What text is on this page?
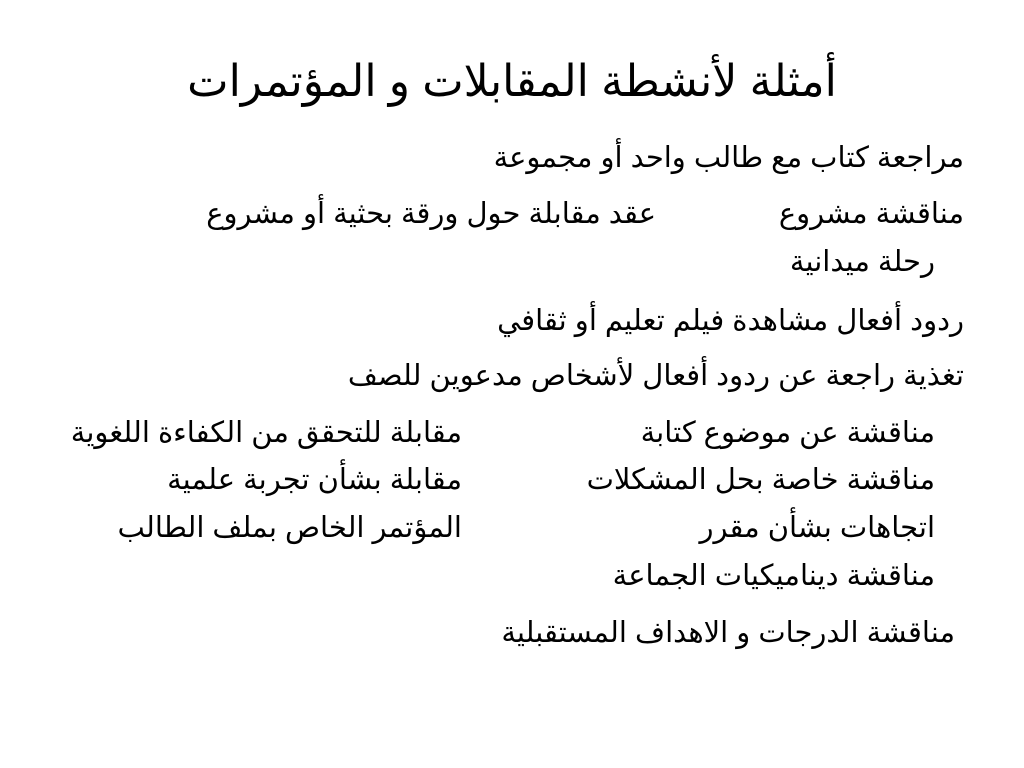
أمثلة لأنشطة المقابلات و المؤتمرات
مراجعة كتاب مع طالب واحد أو مجموعة
مناقشة مشروع
عقد مقابلة حول ورقة بحثية أو مشروع
رحلة ميدانية
ردود أفعال مشاهدة فيلم تعليم أو ثقافي
تغذية راجعة عن ردود أفعال لأشخاص مدعوين للصف
مناقشة عن موضوع كتابة
مقابلة للتحقق من الكفاءة اللغوية
مناقشة خاصة بحل المشكلات
مقابلة بشأن تجربة علمية
اتجاهات بشأن مقرر
المؤتمر الخاص بملف الطالب
مناقشة ديناميكيات الجماعة
مناقشة الدرجات و الاهداف المستقبلية
